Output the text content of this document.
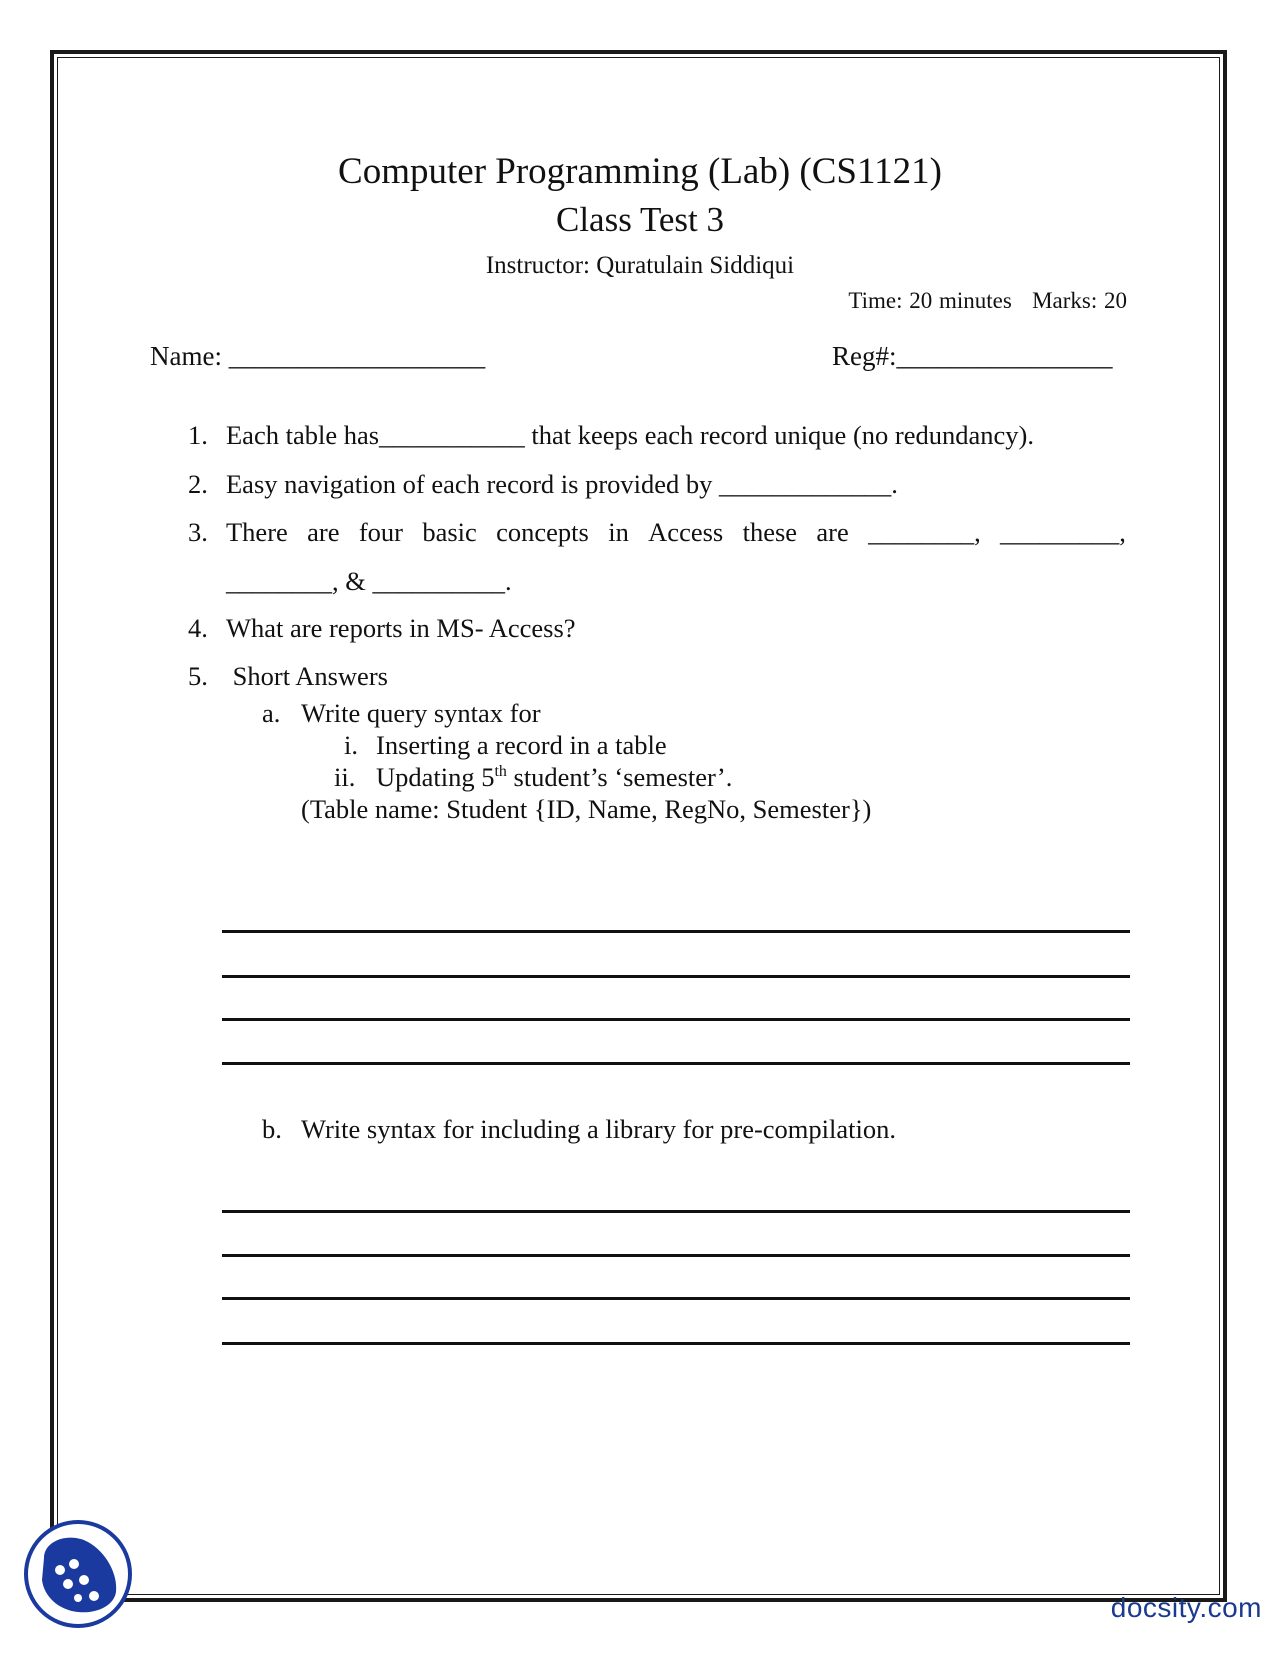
Computer Programming (Lab) (CS1121)
Class Test 3
Instructor: Quratulain Siddiqui
Time: 20 minutes   Marks: 20
Name: ___________________	Reg#:________________
1. Each table has___________ that keeps each record unique (no redundancy).
2. Easy navigation of each record is provided by _____________.
3. There are four basic concepts in Access these are ________, _________,
________, & __________.
4. What are reports in MS- Access?
5. Short Answers
a. Write query syntax for
i. Inserting a record in a table
ii. Updating 5th student’s ‘semester’.
(Table name: Student {ID, Name, RegNo, Semester})
b. Write syntax for including a library for pre-compilation.
docsity.com
